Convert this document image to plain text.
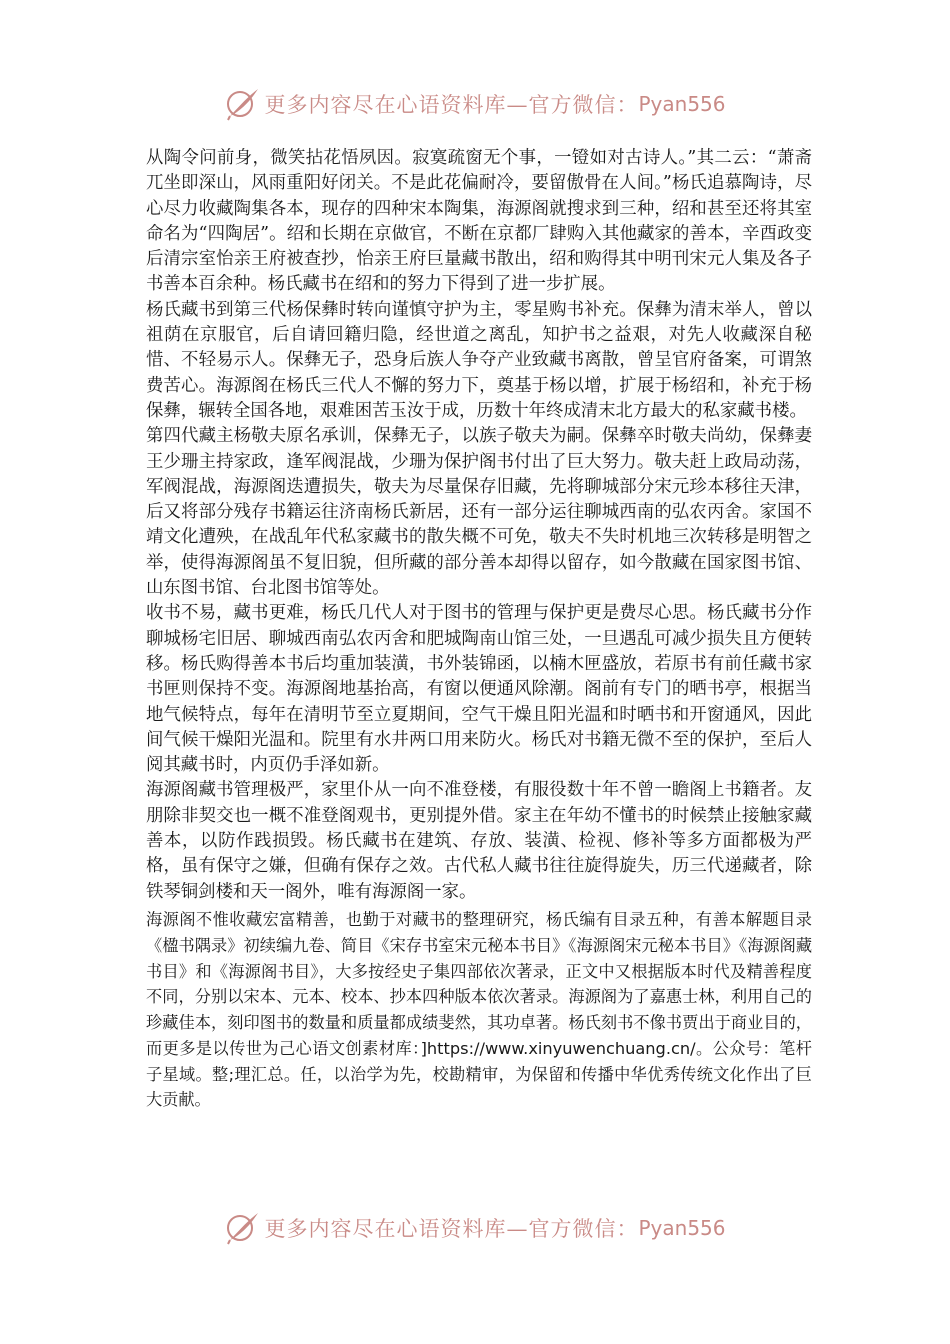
更多内容尽在心语资料库—官方微信： Pyan556

从陶令问前身，微笑拈花悟夙因。寂寞疏窗无个事，一镫如对古诗人。”其二云：“萧斋兀坐即深山，风雨重阳好闭关。不是此花偏耐冷，要留傲骨在人间。”杨氏追慕陶诗，尽心尽力收藏陶集各本，现存的四种宋本陶集，海源阁就搜求到三种，绍和甚至还将其室命名为“四陶居”。绍和长期在京做官，不断在京都厂肆购入其他藏家的善本，辛酉政变后清宗室怡亲王府被查抄，怡亲王府巨量藏书散出，绍和购得其中明刊宋元人集及各子书善本百余种。杨氏藏书在绍和的努力下得到了进一步扩展。

杨氏藏书到第三代杨保彝时转向谨慎守护为主，零星购书补充。保彝为清末举人，曾以祖荫在京服官，后自请回籍归隐，经世道之离乱，知护书之益艰，对先人收藏深自秘惜、不轻易示人。保彝无子，恐身后族人争夺产业致藏书离散，曾呈官府备案，可谓煞费苦心。海源阁在杨氏三代人不懈的努力下，奠基于杨以增，扩展于杨绍和，补充于杨保彝，辗转全国各地，艰难困苦玉汝于成，历数十年终成清末北方最大的私家藏书楼。

第四代藏主杨敬夫原名承训，保彝无子，以族子敬夫为嗣。保彝卒时敬夫尚幼，保彝妻王少珊主持家政，逢军阀混战，少珊为保护阁书付出了巨大努力。敬夫赶上政局动荡，军阀混战，海源阁迭遭损失，敬夫为尽量保存旧藏，先将聊城部分宋元珍本移往天津，后又将部分残存书籍运往济南杨氏新居，还有一部分运往聊城西南的弘农丙舍。家国不靖文化遭殃，在战乱年代私家藏书的散失概不可免，敬夫不失时机地三次转移是明智之举，使得海源阁虽不复旧貌，但所藏的部分善本却得以留存，如今散藏在国家图书馆、山东图书馆、台北图书馆等处。

收书不易，藏书更难，杨氏几代人对于图书的管理与保护更是费尽心思。杨氏藏书分作聊城杨宅旧居、聊城西南弘农丙舍和肥城陶南山馆三处，一旦遇乱可减少损失且方便转移。杨氏购得善本书后均重加装潢，书外装锦函，以楠木匣盛放，若原书有前任藏书家书匣则保持不变。海源阁地基抬高，有窗以便通风除潮。阁前有专门的晒书亭，根据当地气候特点，每年在清明节至立夏期间，空气干燥且阳光温和时晒书和开窗通风，因此间气候干燥阳光温和。院里有水井两口用来防火。杨氏对书籍无微不至的保护，至后人阅其藏书时，内页仍手泽如新。

海源阁藏书管理极严，家里仆从一向不准登楼，有服役数十年不曾一瞻阁上书籍者。友朋除非契交也一概不准登阁观书，更别提外借。家主在年幼不懂书的时候禁止接触家藏善本，以防作践损毁。杨氏藏书在建筑、存放、装潢、检视、修补等多方面都极为严格，虽有保守之嫌，但确有保存之效。古代私人藏书往往旋得旋失，历三代递藏者，除铁琴铜剑楼和天一阁外，唯有海源阁一家。

海源阁不惟收藏宏富精善，也勤于对藏书的整理研究，杨氏编有目录五种，有善本解题目录《楹书隅录》初续编九卷、简目《宋存书室宋元秘本书目》《海源阁宋元秘本书目》《海源阁藏书目》和《海源阁书目》，大多按经史子集四部依次著录，正文中又根据版本时代及精善程度不同，分别以宋本、元本、校本、抄本四种版本依次著录。海源阁为了嘉惠士林，利用自己的珍藏佳本，刻印图书的数量和质量都成绩斐然，其功卓著。杨氏刻书不像书贾出于商业目的，而更多是以传世为己心语文创素材库：]https://www.xinyuwenchuang.cn/。公众号：笔杆子星域。整;理汇总。任，以治学为先，校勘精审，为保留和传播中华优秀传统文化作出了巨大贡献。

更多内容尽在心语资料库—官方微信： Pyan556
